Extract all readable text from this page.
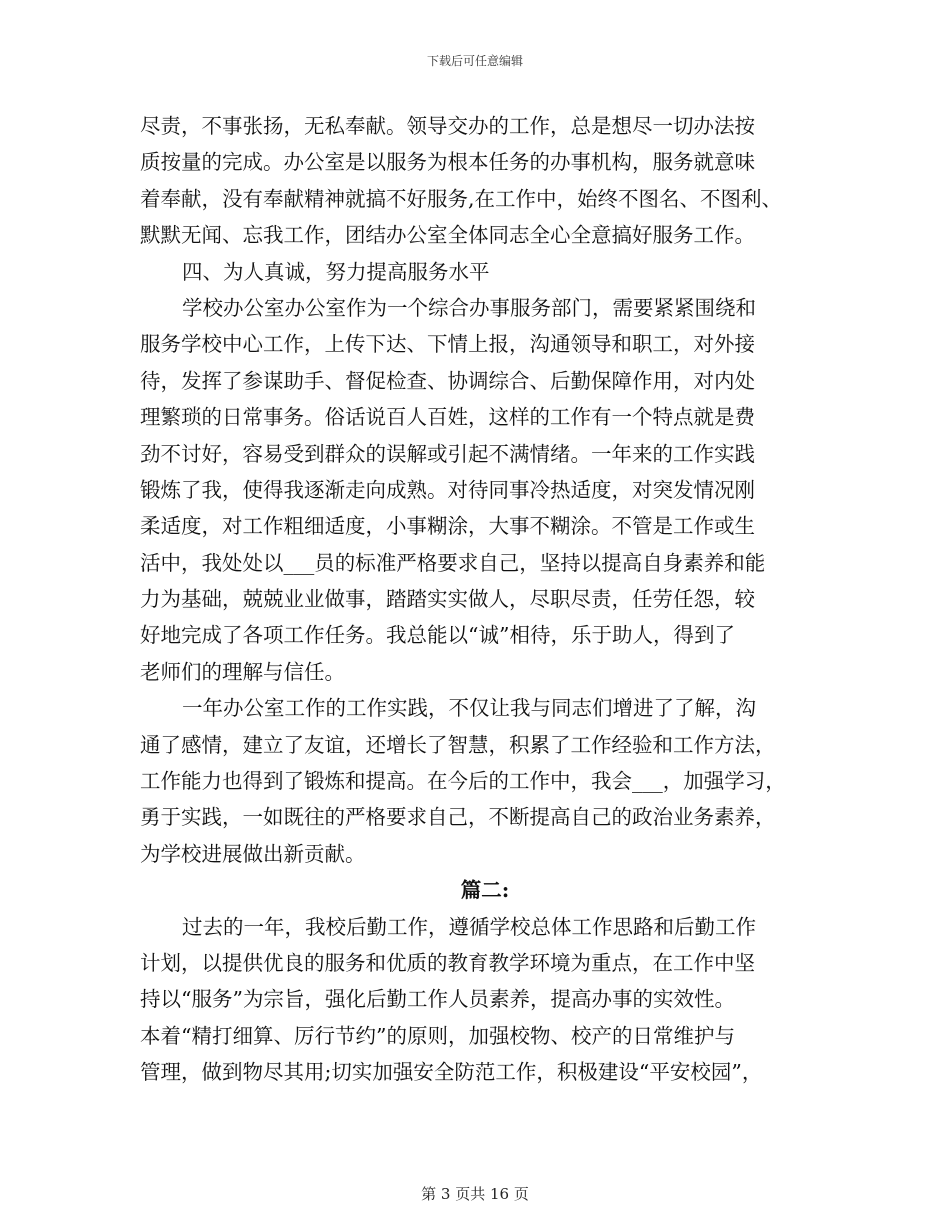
下载后可任意编辑
尽责，不事张扬，无私奉献。领导交办的工作，总是想尽一切办法按
质按量的完成。办公室是以服务为根本任务的办事机构，服务就意味
着奉献，没有奉献精神就搞不好服务,在工作中，始终不图名、不图利、
默默无闻、忘我工作，团结办公室全体同志全心全意搞好服务工作。
四、为人真诚，努力提高服务水平
学校办公室办公室作为一个综合办事服务部门，需要紧紧围绕和
服务学校中心工作，上传下达、下情上报，沟通领导和职工，对外接
待，发挥了参谋助手、督促检查、协调综合、后勤保障作用，对内处
理繁琐的日常事务。俗话说百人百姓，这样的工作有一个特点就是费
劲不讨好，容易受到群众的误解或引起不满情绪。一年来的工作实践
锻炼了我，使得我逐渐走向成熟。对待同事冷热适度，对突发情况刚
柔适度，对工作粗细适度，小事糊涂，大事不糊涂。不管是工作或生
活中，我处处以___员的标准严格要求自己，坚持以提高自身素养和能
力为基础，兢兢业业做事，踏踏实实做人，尽职尽责，任劳任怨，较
好地完成了各项工作任务。我总能以“诚”相待，乐于助人，得到了
老师们的理解与信任。
一年办公室工作的工作实践，不仅让我与同志们增进了了解，沟
通了感情，建立了友谊，还增长了智慧，积累了工作经验和工作方法，
工作能力也得到了锻炼和提高。在今后的工作中，我会___，加强学习，
勇于实践，一如既往的严格要求自己，不断提高自己的政治业务素养，
为学校进展做出新贡献。
篇二:
过去的一年，我校后勤工作，遵循学校总体工作思路和后勤工作
计划，以提供优良的服务和优质的教育教学环境为重点，在工作中坚
持以“服务”为宗旨，强化后勤工作人员素养，提高办事的实效性。
本着“精打细算、厉行节约”的原则，加强校物、校产的日常维护与
管理，做到物尽其用;切实加强安全防范工作，积极建设“平安校园”，
第 3 页共 16 页
